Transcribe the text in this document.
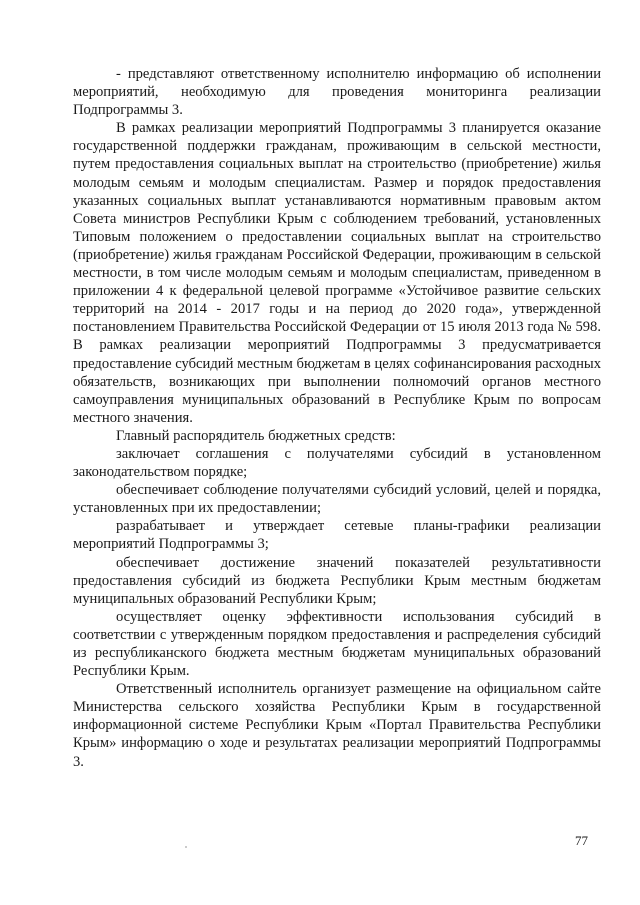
- представляют ответственному исполнителю информацию об исполнении мероприятий, необходимую для проведения мониторинга реализации Подпрограммы 3.

В рамках реализации мероприятий Подпрограммы 3 планируется оказание государственной поддержки гражданам, проживающим в сельской местности, путем предоставления социальных выплат на строительство (приобретение) жилья молодым семьям и молодым специалистам. Размер и порядок предоставления указанных социальных выплат устанавливаются нормативным правовым актом Совета министров Республики Крым с соблюдением требований, установленных Типовым положением о предоставлении социальных выплат на строительство (приобретение) жилья гражданам Российской Федерации, проживающим в сельской местности, в том числе молодым семьям и молодым специалистам, приведенном в приложении 4 к федеральной целевой программе «Устойчивое развитие сельских территорий на 2014 - 2017 годы и на период до 2020 года», утвержденной постановлением Правительства Российской Федерации от 15 июля 2013 года № 598. В рамках реализации мероприятий Подпрограммы 3 предусматривается предоставление субсидий местным бюджетам в целях софинансирования расходных обязательств, возникающих при выполнении полномочий органов местного самоуправления муниципальных образований в Республике Крым по вопросам местного значения.

Главный распорядитель бюджетных средств:

заключает соглашения с получателями субсидий в установленном законодательством порядке;

обеспечивает соблюдение получателями субсидий условий, целей и порядка, установленных при их предоставлении;

разрабатывает и утверждает сетевые планы-графики реализации мероприятий Подпрограммы 3;

обеспечивает достижение значений показателей результативности предоставления субсидий из бюджета Республики Крым местным бюджетам муниципальных образований Республики Крым;

осуществляет оценку эффективности использования субсидий в соответствии с утвержденным порядком предоставления и распределения субсидий из республиканского бюджета местным бюджетам муниципальных образований Республики Крым.

Ответственный исполнитель организует размещение на официальном сайте Министерства сельского хозяйства Республики Крым в государственной информационной системе Республики Крым «Портал Правительства Республики Крым» информацию о ходе и результатах реализации мероприятий Подпрограммы 3.

77
